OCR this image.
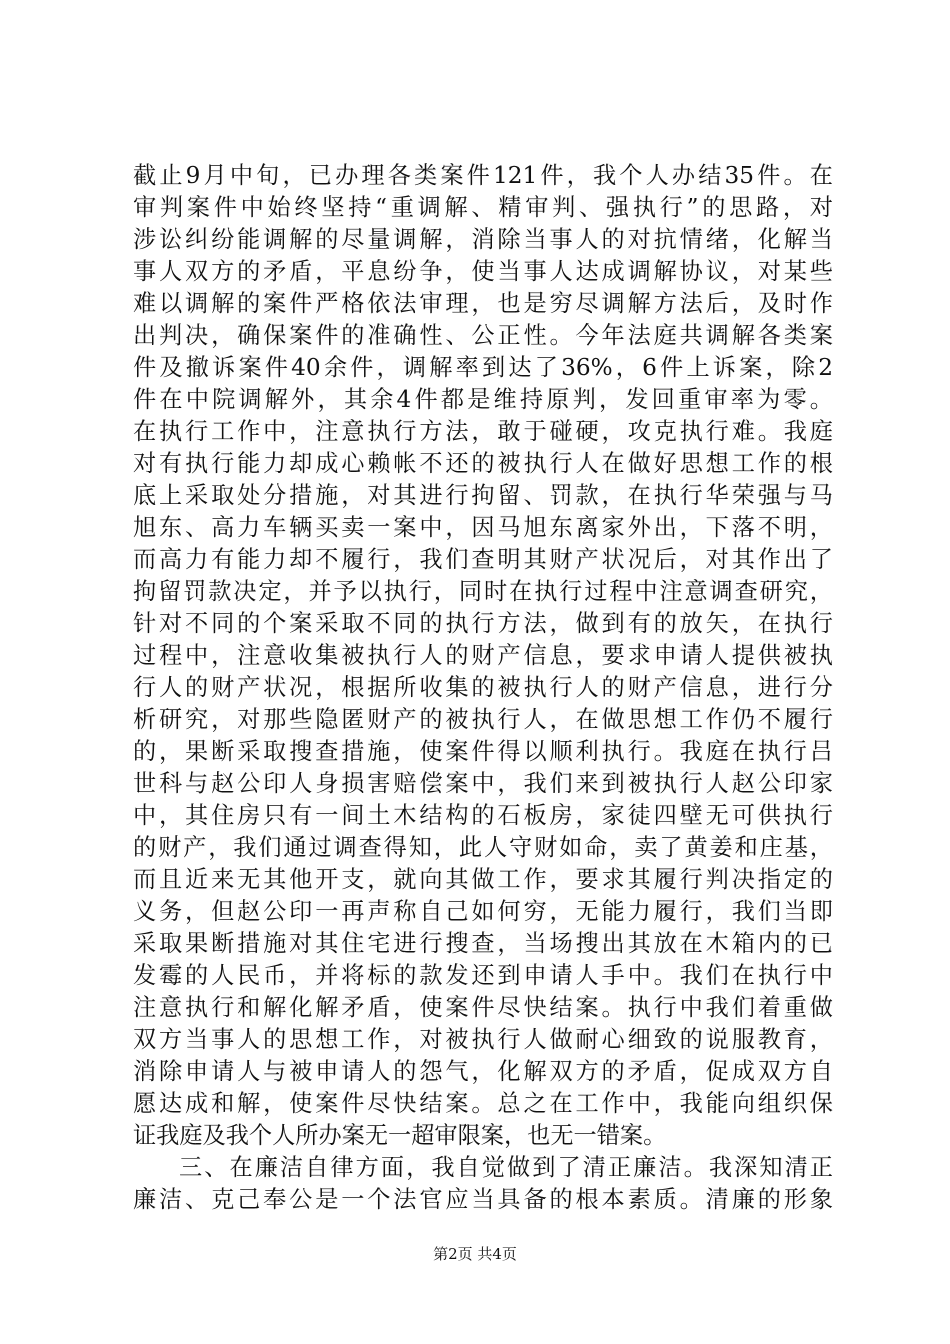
截止9月中旬，已办理各类案件121件，我个人办结35件。在
审判案件中始终坚持“重调解、精审判、强执行”的思路，对
涉讼纠纷能调解的尽量调解，消除当事人的对抗情绪，化解当
事人双方的矛盾，平息纷争，使当事人达成调解协议，对某些
难以调解的案件严格依法审理，也是穷尽调解方法后，及时作
出判决，确保案件的准确性、公正性。今年法庭共调解各类案
件及撤诉案件40余件，调解率到达了36%，6件上诉案，除2
件在中院调解外，其余4件都是维持原判，发回重审率为零。
在执行工作中，注意执行方法，敢于碰硬，攻克执行难。我庭
对有执行能力却成心赖帐不还的被执行人在做好思想工作的根
底上采取处分措施，对其进行拘留、罚款，在执行华荣强与马
旭东、高力车辆买卖一案中，因马旭东离家外出，下落不明，
而高力有能力却不履行，我们查明其财产状况后，对其作出了
拘留罚款决定，并予以执行，同时在执行过程中注意调查研究，
针对不同的个案采取不同的执行方法，做到有的放矢，在执行
过程中，注意收集被执行人的财产信息，要求申请人提供被执
行人的财产状况，根据所收集的被执行人的财产信息，进行分
析研究，对那些隐匿财产的被执行人，在做思想工作仍不履行
的，果断采取搜查措施，使案件得以顺利执行。我庭在执行吕
世科与赵公印人身损害赔偿案中，我们来到被执行人赵公印家
中，其住房只有一间土木结构的石板房，家徒四壁无可供执行
的财产，我们通过调查得知，此人守财如命，卖了黄姜和庄基，
而且近来无其他开支，就向其做工作，要求其履行判决指定的
义务，但赵公印一再声称自己如何穷，无能力履行，我们当即
采取果断措施对其住宅进行搜查，当场搜出其放在木箱内的已
发霉的人民币，并将标的款发还到申请人手中。我们在执行中
注意执行和解化解矛盾，使案件尽快结案。执行中我们着重做
双方当事人的思想工作，对被执行人做耐心细致的说服教育，
消除申请人与被申请人的怨气，化解双方的矛盾，促成双方自
愿达成和解，使案件尽快结案。总之在工作中，我能向组织保
证我庭及我个人所办案无一超审限案，也无一错案。
三、在廉洁自律方面，我自觉做到了清正廉洁。我深知清正
廉洁、克己奉公是一个法官应当具备的根本素质。清廉的形象
第2页 共4页
